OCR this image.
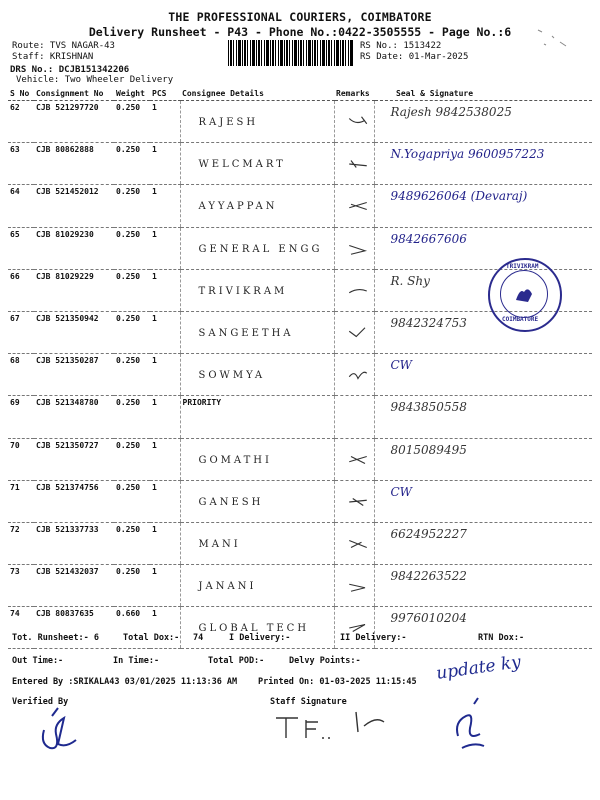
THE PROFESSIONAL COURIERS, COIMBATORE
Delivery Runsheet - P43 - Phone No.:0422-3505555 - Page No.:6
Route: TVS NAGAR-43
Staff: KRISHNAN
DRS No.: DCJB151342206
Vehicle: Two Wheeler Delivery
RS No.: 1513422
RS Date: 01-Mar-2025
S No	Consignment No	Weight	PCS	Consignee Details	Remarks	Seal & Signature
62	CJB 521297720	0.250	1	RAJESH		Rajesh 9842538025

63	CJB 80862888	0.250	1	WELCMART		N.Yogapriya 9600957223

64	CJB 521452012	0.250	1	AYYAPPAN		9489626064 (Devaraj)

65	CJB 81029230	0.250	1	GENERAL ENGG		9842667606

66	CJB 81029229	0.250	1	TRIVIKRAM		R. Shy

67	CJB 521350942	0.250	1	SANGEETHA		9842324753

68	CJB 521350287	0.250	1	SOWMYA		CW

69	CJB 521348780	0.250	1	PRIORITY		9843850558

70	CJB 521350727	0.250	1	GOMATHI		8015089495

71	CJB 521374756	0.250	1	GANESH		CW

72	CJB 521337733	0.250	1	MANI		6624952227

73	CJB 521432037	0.250	1	JANANI		9842263522

74	CJB 80837635	0.660	1	GLOBAL TECH		9976010204
TRIVIKRAM
COIMBATORE
Tot. Runsheet:- 6	Total Dox:- 74	I Delivery:-	II Delivery:-	RTN Dox:-
Out Time:-	In Time:-	Total POD:-	Delvy Points:-
Entered By :SRIKALA43 03/01/2025 11:13:36 AM Printed On: 01-03-2025 11:15:45
Verified By	Staff Signature
update ky
